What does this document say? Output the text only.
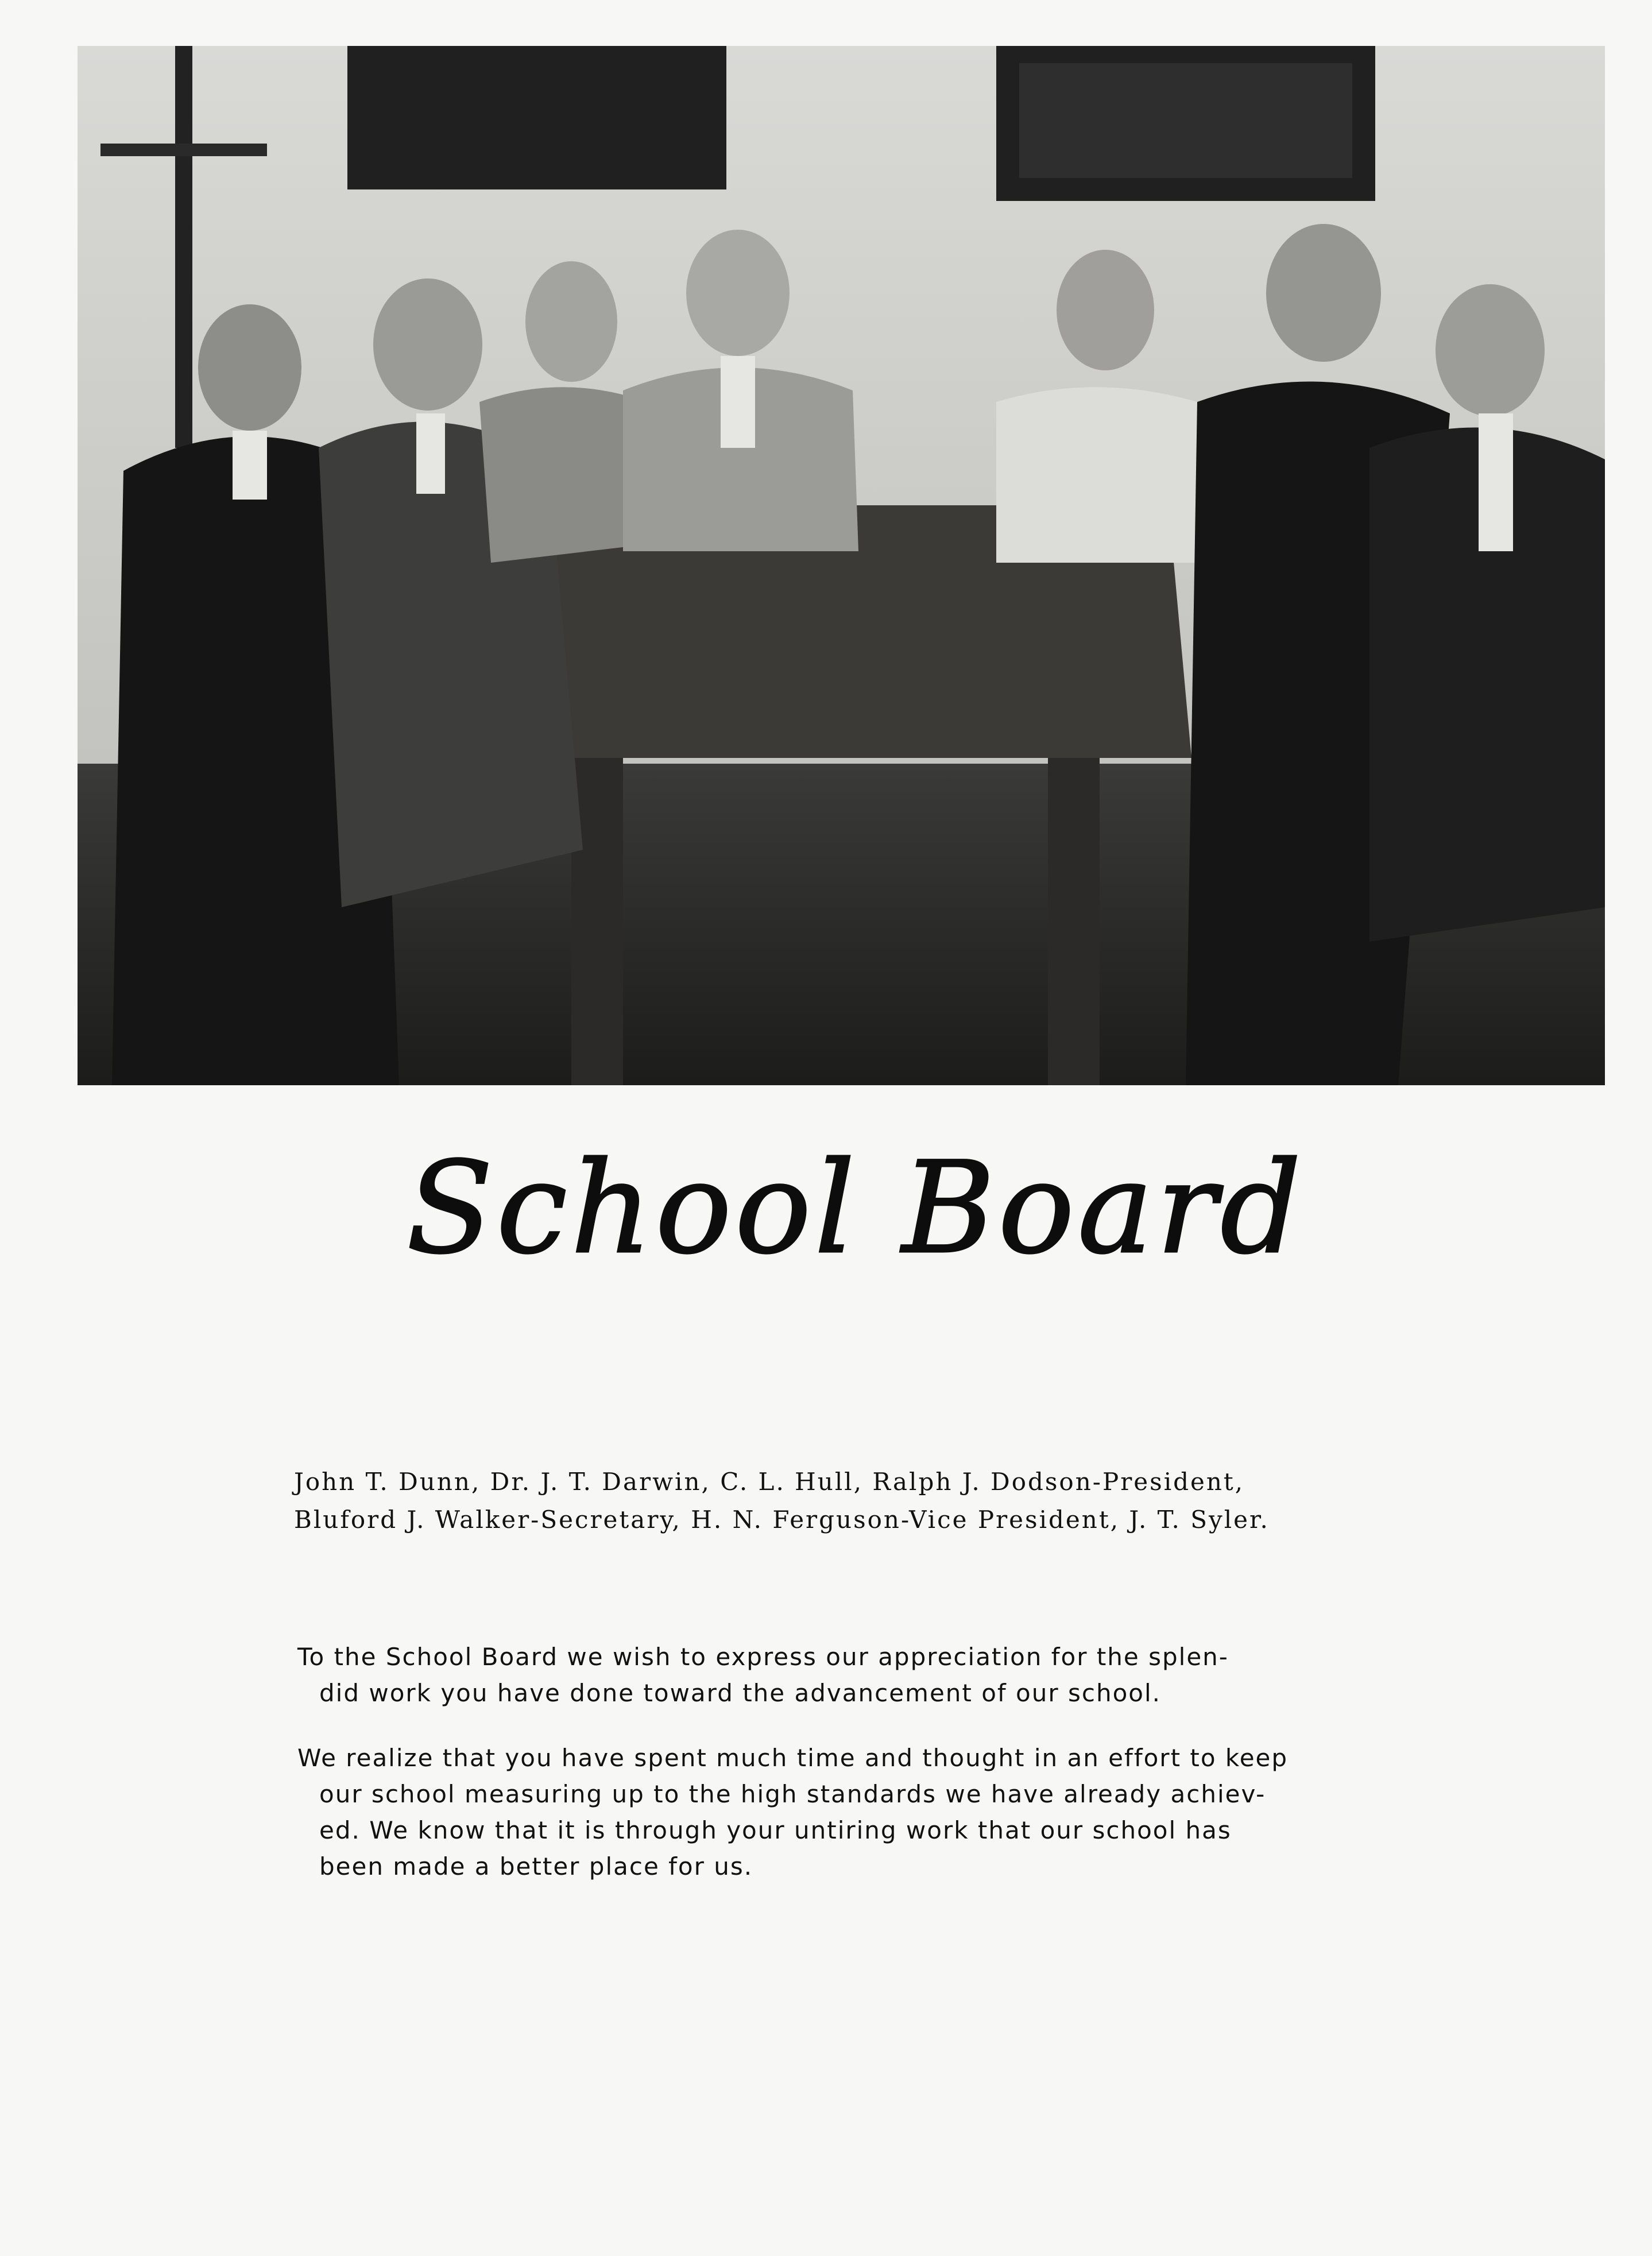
School Board
John T. Dunn, Dr. J. T. Darwin, C. L. Hull, Ralph J. Dodson-President,
Bluford J. Walker-Secretary, H. N. Ferguson-Vice President, J. T. Syler.
To the School Board we wish to express our appreciation for the splen-
did work you have done toward the advancement of our school.
We realize that you have spent much time and thought in an effort to keep
our school measuring up to the high standards we have already achiev-
ed. We know that it is through your untiring work that our school has
been made a better place for us.
